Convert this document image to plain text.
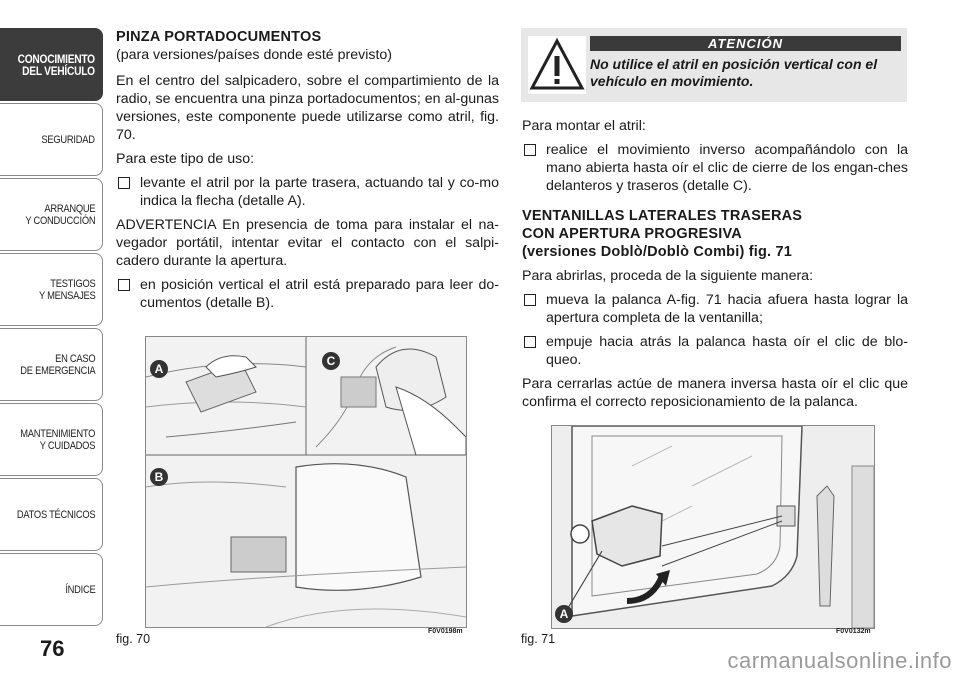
CONOCIMIENTO
DEL VEHÍCULO
SEGURIDAD
ARRANQUE
Y CONDUCCIÓN
TESTIGOS
Y MENSAJES
EN CASO
DE EMERGENCIA
MANTENIMIENTO
Y CUIDADOS
DATOS TÉCNICOS
ÍNDICE
76
PINZA PORTADOCUMENTOS

(para versiones/países donde esté previsto)

En el centro del salpicadero, sobre el compartimiento de la radio, se encuentra una pinza portadocumentos; en al-gunas versiones, este componente puede utilizarse como atril, fig. 70.

Para este tipo de uso:

levante el atril por la parte trasera, actuando tal y co-mo indica la flecha (detalle A).

ADVERTENCIA En presencia de toma para instalar el na-vegador portátil, intentar evitar el contacto con el salpi-cadero durante la apertura.

en posición vertical el atril está preparado para leer do-cumentos (detalle B).
A
C
B
fig. 70
F0V0198m
ATENCIÓN
No utilice el atril en posición vertical con el vehículo en movimiento.

Para montar el atril:

realice el movimiento inverso acompañándolo con la mano abierta hasta oír el clic de cierre de los engan-ches delanteros y traseros (detalle C).
VENTANILLAS LATERALES TRASERAS
CON APERTURA PROGRESIVA
(versiones Doblò/Doblò Combi) fig. 71

Para abrirlas, proceda de la siguiente manera:

mueva la palanca A-fig. 71 hacia afuera hasta lograr la apertura completa de la ventanilla;
empuje hacia atrás la palanca hasta oír el clic de blo-queo.

Para cerrarlas actúe de manera inversa hasta oír el clic que confirma el correcto reposicionamiento de la palanca.

A
fig. 71
F0V0132m
carmanualsonline.info
